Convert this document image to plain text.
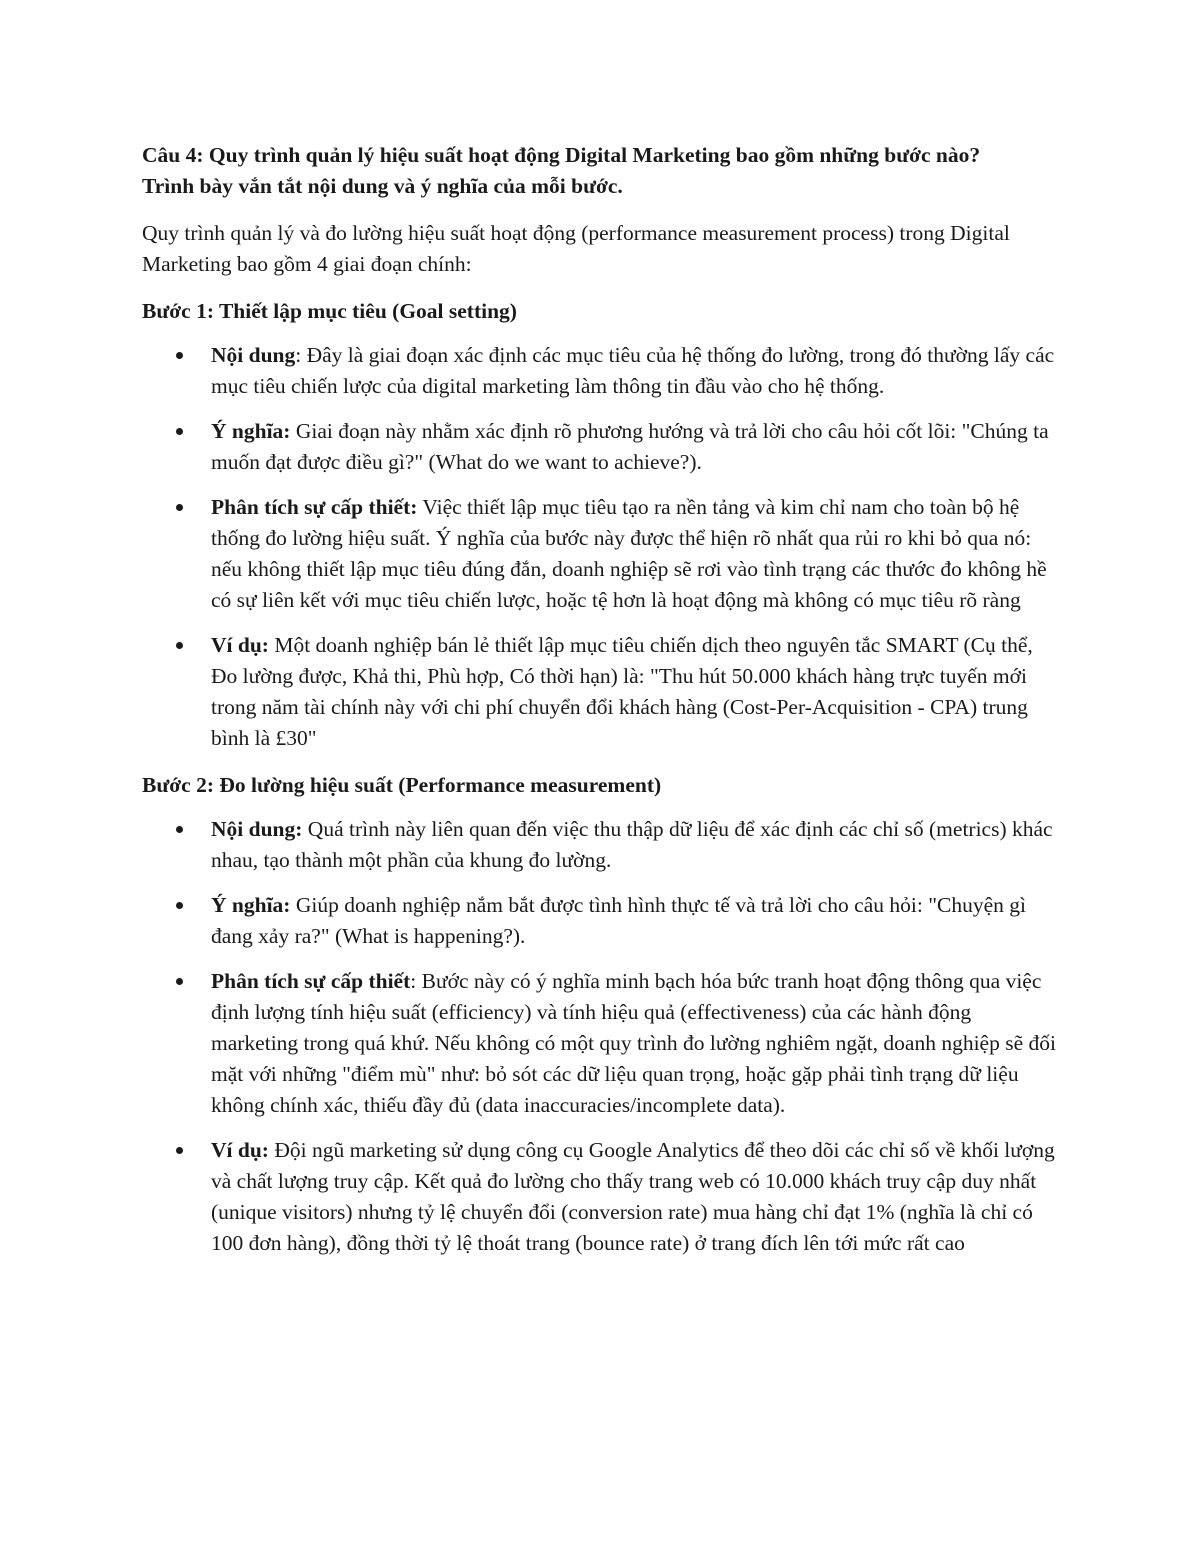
Câu 4: Quy trình quản lý hiệu suất hoạt động Digital Marketing bao gồm những bước nào?
Trình bày vắn tắt nội dung và ý nghĩa của mỗi bước.

Quy trình quản lý và đo lường hiệu suất hoạt động (performance measurement process) trong Digital Marketing bao gồm 4 giai đoạn chính:

Bước 1: Thiết lập mục tiêu (Goal setting)

Nội dung: Đây là giai đoạn xác định các mục tiêu của hệ thống đo lường, trong đó thường lấy các mục tiêu chiến lược của digital marketing làm thông tin đầu vào cho hệ thống.
Ý nghĩa: Giai đoạn này nhằm xác định rõ phương hướng và trả lời cho câu hỏi cốt lõi: "Chúng ta muốn đạt được điều gì?" (What do we want to achieve?).
Phân tích sự cấp thiết: Việc thiết lập mục tiêu tạo ra nền tảng và kim chỉ nam cho toàn bộ hệ thống đo lường hiệu suất. Ý nghĩa của bước này được thể hiện rõ nhất qua rủi ro khi bỏ qua nó: nếu không thiết lập mục tiêu đúng đắn, doanh nghiệp sẽ rơi vào tình trạng các thước đo không hề có sự liên kết với mục tiêu chiến lược, hoặc tệ hơn là hoạt động mà không có mục tiêu rõ ràng
Ví dụ: Một doanh nghiệp bán lẻ thiết lập mục tiêu chiến dịch theo nguyên tắc SMART (Cụ thể, Đo lường được, Khả thi, Phù hợp, Có thời hạn) là: "Thu hút 50.000 khách hàng trực tuyến mới trong năm tài chính này với chi phí chuyển đổi khách hàng (Cost-Per-Acquisition - CPA) trung bình là £30"

Bước 2: Đo lường hiệu suất (Performance measurement)

Nội dung: Quá trình này liên quan đến việc thu thập dữ liệu để xác định các chỉ số (metrics) khác nhau, tạo thành một phần của khung đo lường.
Ý nghĩa: Giúp doanh nghiệp nắm bắt được tình hình thực tế và trả lời cho câu hỏi: "Chuyện gì đang xảy ra?" (What is happening?).
Phân tích sự cấp thiết: Bước này có ý nghĩa minh bạch hóa bức tranh hoạt động thông qua việc định lượng tính hiệu suất (efficiency) và tính hiệu quả (effectiveness) của các hành động marketing trong quá khứ. Nếu không có một quy trình đo lường nghiêm ngặt, doanh nghiệp sẽ đối mặt với những "điểm mù" như: bỏ sót các dữ liệu quan trọng, hoặc gặp phải tình trạng dữ liệu không chính xác, thiếu đầy đủ (data inaccuracies/incomplete data).
Ví dụ: Đội ngũ marketing sử dụng công cụ Google Analytics để theo dõi các chỉ số về khối lượng và chất lượng truy cập. Kết quả đo lường cho thấy trang web có 10.000 khách truy cập duy nhất (unique visitors) nhưng tỷ lệ chuyển đổi (conversion rate) mua hàng chỉ đạt 1% (nghĩa là chỉ có 100 đơn hàng), đồng thời tỷ lệ thoát trang (bounce rate) ở trang đích lên tới mức rất cao
